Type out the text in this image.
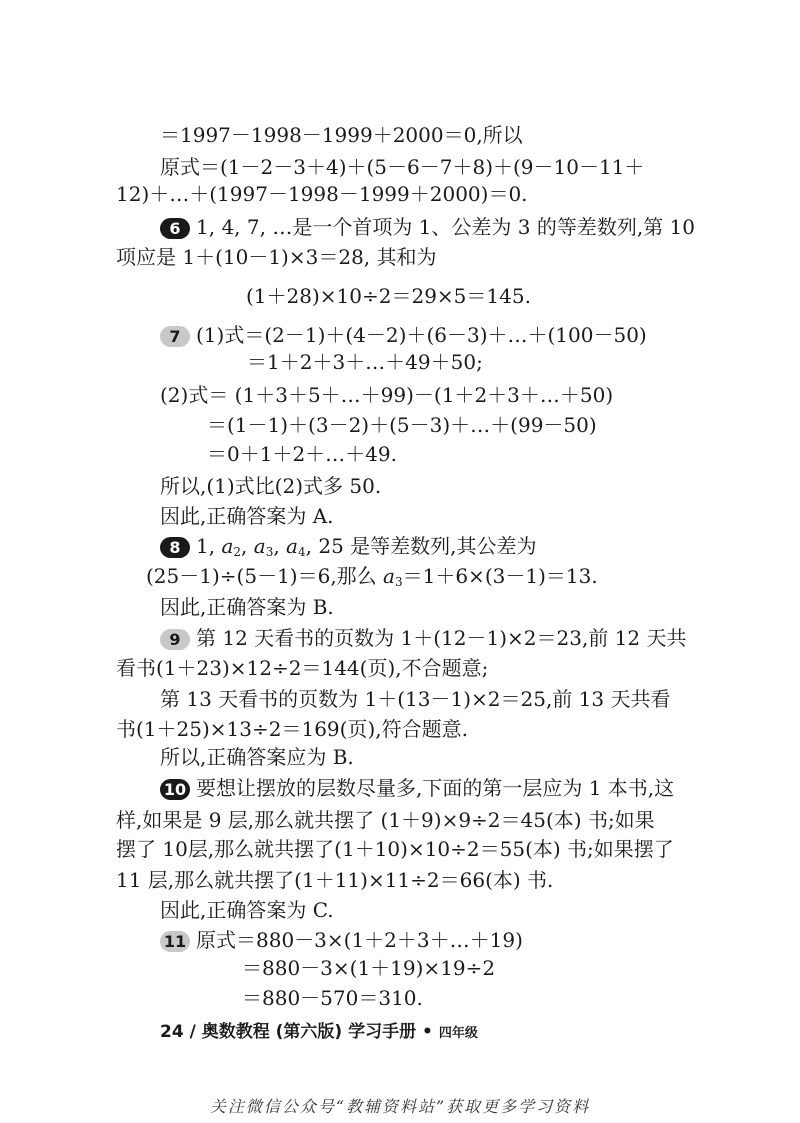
＝1997－1998－1999＋2000＝0,所以
原式＝(1－2－3＋4)＋(5－6－7＋8)＋(9－10－11＋
12)＋…＋(1997－1998－1999＋2000)＝0.
6 1, 4, 7, …是一个首项为 1、公差为 3 的等差数列,第 10
项应是 1＋(10－1)×3＝28, 其和为
(1＋28)×10÷2＝29×5＝145.
7 (1)式＝(2－1)＋(4－2)＋(6－3)＋…＋(100－50)
＝1＋2＋3＋…＋49＋50;
(2)式＝ (1＋3＋5＋…＋99)－(1＋2＋3＋…＋50)
＝(1－1)＋(3－2)＋(5－3)＋…＋(99－50)
＝0＋1＋2＋…＋49.
所以,(1)式比(2)式多 50.
因此,正确答案为 A.
8 1, $a_2$, $a_3$, $a_4$, 25 是等差数列,其公差为
(25－1)÷(5－1)＝6,那么 $a_3=1+6\times(3-1)=13$.
因此,正确答案为 B.
9 第 12 天看书的页数为 1＋(12－1)×2＝23,前 12 天共
看书(1＋23)×12÷2＝144(页),不合题意;
第 13 天看书的页数为 1＋(13－1)×2＝25,前 13 天共看
书(1＋25)×13÷2＝169(页),符合题意.
所以,正确答案应为 B.
10 要想让摆放的层数尽量多,下面的第一层应为 1 本书,这
样,如果是 9 层,那么就共摆了 (1＋9)×9÷2＝45(本) 书;如果
摆了 10层,那么就共摆了(1＋10)×10÷2＝55(本) 书;如果摆了
11 层,那么就共摆了(1＋11)×11÷2＝66(本) 书.
因此,正确答案为 C.
11 原式＝880－3×(1＋2＋3＋…＋19)
＝880－3×(1＋19)×19÷2
＝880－570＝310.
24 / 奥数教程 (第六版) 学习手册 • 四年级
关注微信公众号“教辅资料站”获取更多学习资料
